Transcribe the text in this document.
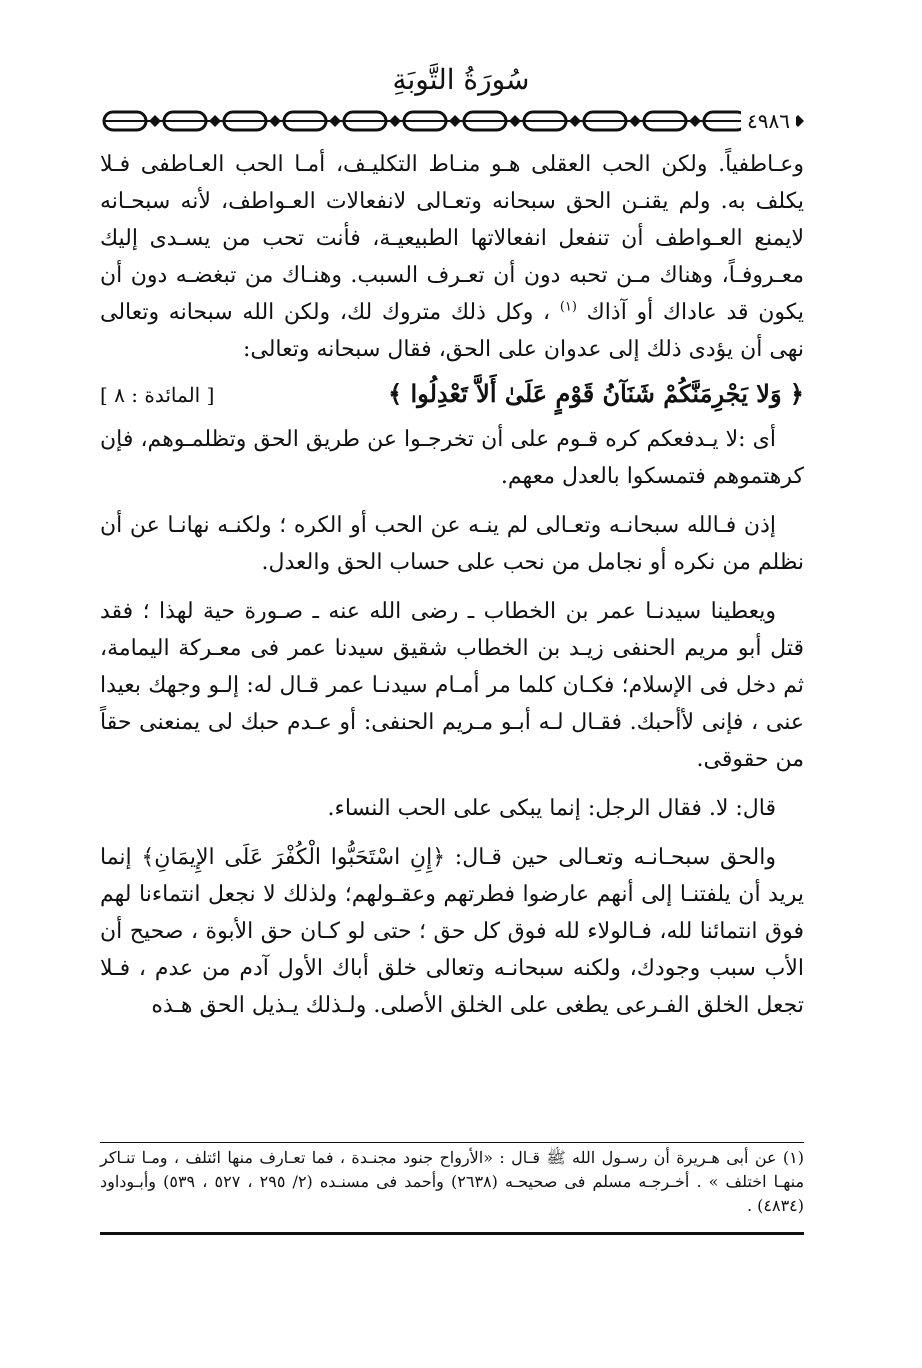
سُورَةُ التَّوبَةِ
٤٩٨٦

وعـاطفياً. ولكن الحب العقلى هـو منـاط التكليـف، أمـا الحب العـاطفى فـلا يكلف به. ولم يقنـن الحق سبحانه وتعـالى لانفعالات العـواطف، لأنه سبحـانه لايمنع العـواطف أن تنفعل انفعالاتها الطبيعيـة، فأنت تحب من يسـدى إليك معـروفـاً، وهناك مـن تحبه دون أن تعـرف السبب. وهنـاك من تبغضـه دون أن يكون قد عاداك أو آذاك $^{(١)}$ ، وكل ذلك متروك لك، ولكن الله سبحانه وتعالى نهى أن يؤدى ذلك إلى عدوان على الحق، فقال سبحانه وتعالى:

﴿ وَلا يَجْرِمَنَّكُمْ شَنَآنُ قَوْمٍ عَلَىٰ أَلاَّ تَعْدِلُوا ﴾
[ المائدة : ٨ ]

أى :لا يـدفعكم كره قـوم على أن تخرجـوا عن طريق الحق وتظلمـوهم، فإن كرهتموهم فتمسكوا بالعدل معهم.

إذن فـالله سبحانـه وتعـالى لم ينـه عن الحب أو الكره ؛ ولكنـه نهانـا عن أن نظلم من نكره أو نجامل من نحب على حساب الحق والعدل.

ويعطينا سيدنـا عمر بن الخطاب ـ رضى الله عنه ـ صـورة حية لهذا ؛ فقد قتل أبو مريم الحنفى زيـد بن الخطاب شقيق سيدنا عمر فى معـركة اليمامة، ثم دخل فى الإسلام؛ فكـان كلما مر أمـام سيدنـا عمر قـال له: إلـو وجهك بعيدا عنى ، فإنى لأأحبك. فقـال لـه أبـو مـريم الحنفى: أو عـدم حبك لى يمنعنى حقاً من حقوقى.

قال: لا. فقال الرجل: إنما يبكى على الحب النساء.

والحق سبحـانـه وتعـالى حين قـال: ﴿إِنِ اسْتَحَبُّوا الْكُفْرَ عَلَى الإِيمَانِ﴾ إنما يريد أن يلفتنـا إلى أنهم عارضوا فطرتهم وعقـولهم؛ ولذلك لا نجعل انتماءنا لهم فوق انتمائنا لله، فـالولاء لله فوق كل حق ؛ حتى لو كـان حق الأبوة ، صحيح أن الأب سبب وجودك، ولكنه سبحانـه وتعالى خلق أباك الأول آدم من عدم ، فـلا تجعل الخلق الفـرعى يطغى على الخلق الأصلى. ولـذلك يـذيل الحق هـذه

(١) عن أبى هـريرة أن رسـول الله ﷺ قـال : «الأرواح جنود مجنـدة ، فما تعـارف منها ائتلف ، ومـا تنـاكر منهـا اختلف » . أخـرجـه مسلم فى صحيحـه (٢٦٣٨) وأحمد فى مسنـده (٢/ ٢٩٥ ، ٥٢٧ ، ٥٣٩) وأبـوداود (٤٨٣٤) .
